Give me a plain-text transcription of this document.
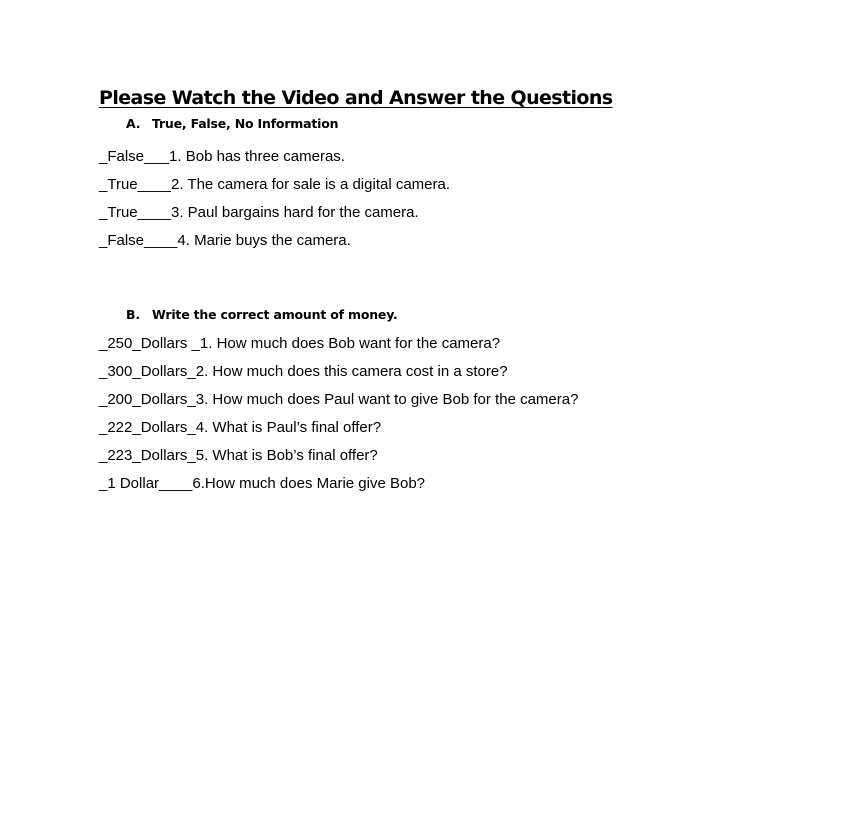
Please Watch the Video and Answer the Questions
A. True, False, No Information
_False___1. Bob has three cameras.
_True____2. The camera for sale is a digital camera.
_True____3. Paul bargains hard for the camera.
_False____4. Marie buys the camera.
B. Write the correct amount of money.
_250_Dollars _1. How much does Bob want for the camera?
_300_Dollars_2. How much does this camera cost in a store?
_200_Dollars_3. How much does Paul want to give Bob for the camera?
_222_Dollars_4. What is Paul’s final offer?
_223_Dollars_5. What is Bob’s final offer?
_1 Dollar____6.How much does Marie give Bob?
